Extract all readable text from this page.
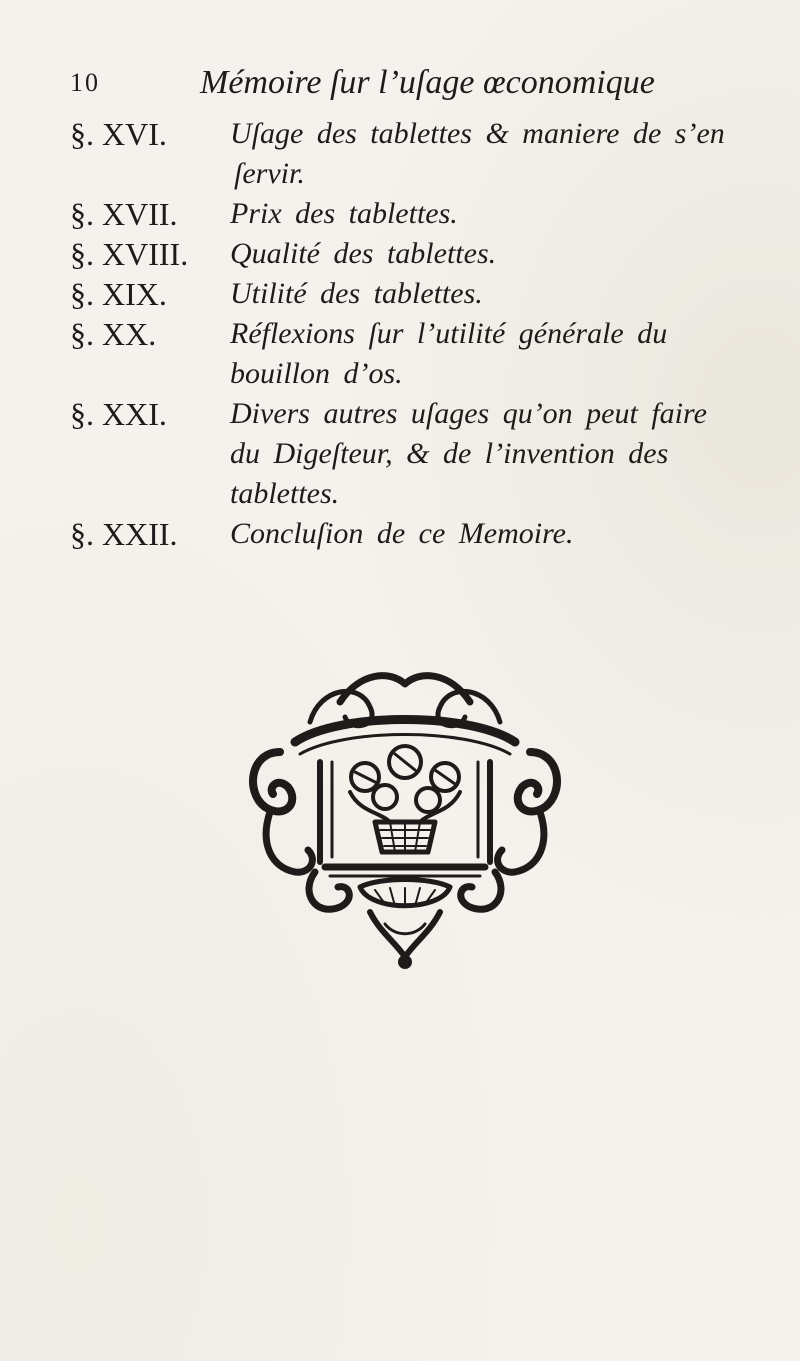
10	Mémoire ſur l’uſage œconomique
§. XVI.	Uſage des tablettes & maniere de s’en
ſervir.
§. XVII.	Prix des tablettes.
§. XVIII.	Qualité des tablettes.
§. XIX.	Utilité des tablettes.
§. XX.	Réflexions ſur l’utilité générale du
bouillon d’os.
§. XXI.	Divers autres uſages qu’on peut faire
du Digeſteur, & de l’invention des
tablettes.
§. XXII.	Concluſion de ce Memoire.
